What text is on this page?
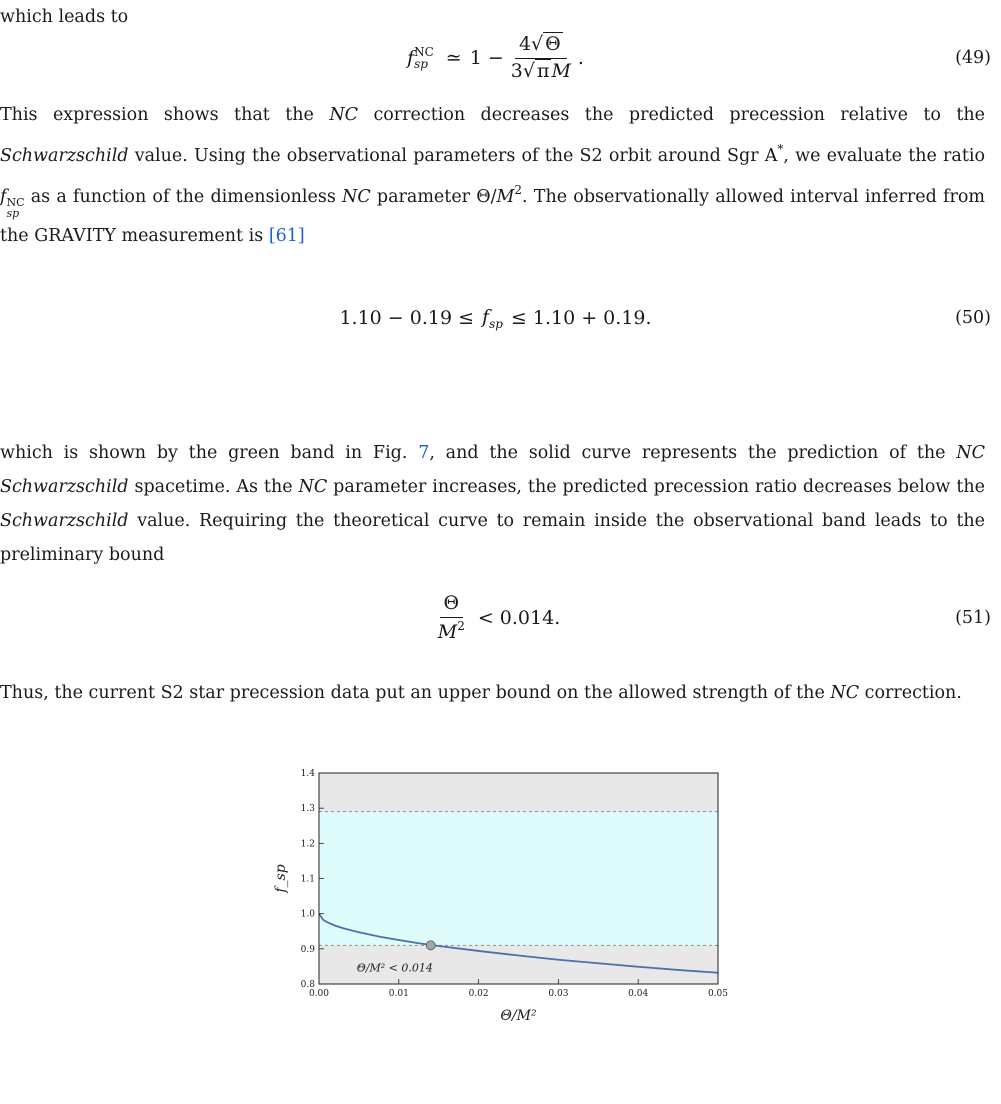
which leads to

f NC
sp ≃ $1 - \frac{4√ \Theta}{\text{3√ π M}}$ .	(49)

This expression shows that the NC correction decreases the predicted precession relative to the Schwarzschild value. Using the observational parameters of the S2 orbit around Sgr A*, we evaluate the ratio f NC
sp
as a function of the dimensionless NC parameter $\Theta/M^2$. The observationally allowed interval inferred from the GRAVITY measurement is [61]

$1.10 - 0.19 \le f_{sp} \le 1.10 + 0.19$.	(50)

which is shown by the green band in Fig. 7, and the solid curve represents the prediction of the NC Schwarzschild spacetime. As the NC parameter increases, the predicted precession ratio decreases below the Schwarzschild value. Requiring the theoretical curve to remain inside the observational band leads to the preliminary bound

$\frac{\Theta}{M^2} < 0.014$.	(51)

Thus, the current S2 star precession data put an upper bound on the allowed strength of the NC correction.

Θ/M² < 0.014
0.00	0.01	0.02	0.03	0.04	0.05
0.8
0.9
1.0
1.1
1.2
1.3
1.4
Θ/M²
f_sp
